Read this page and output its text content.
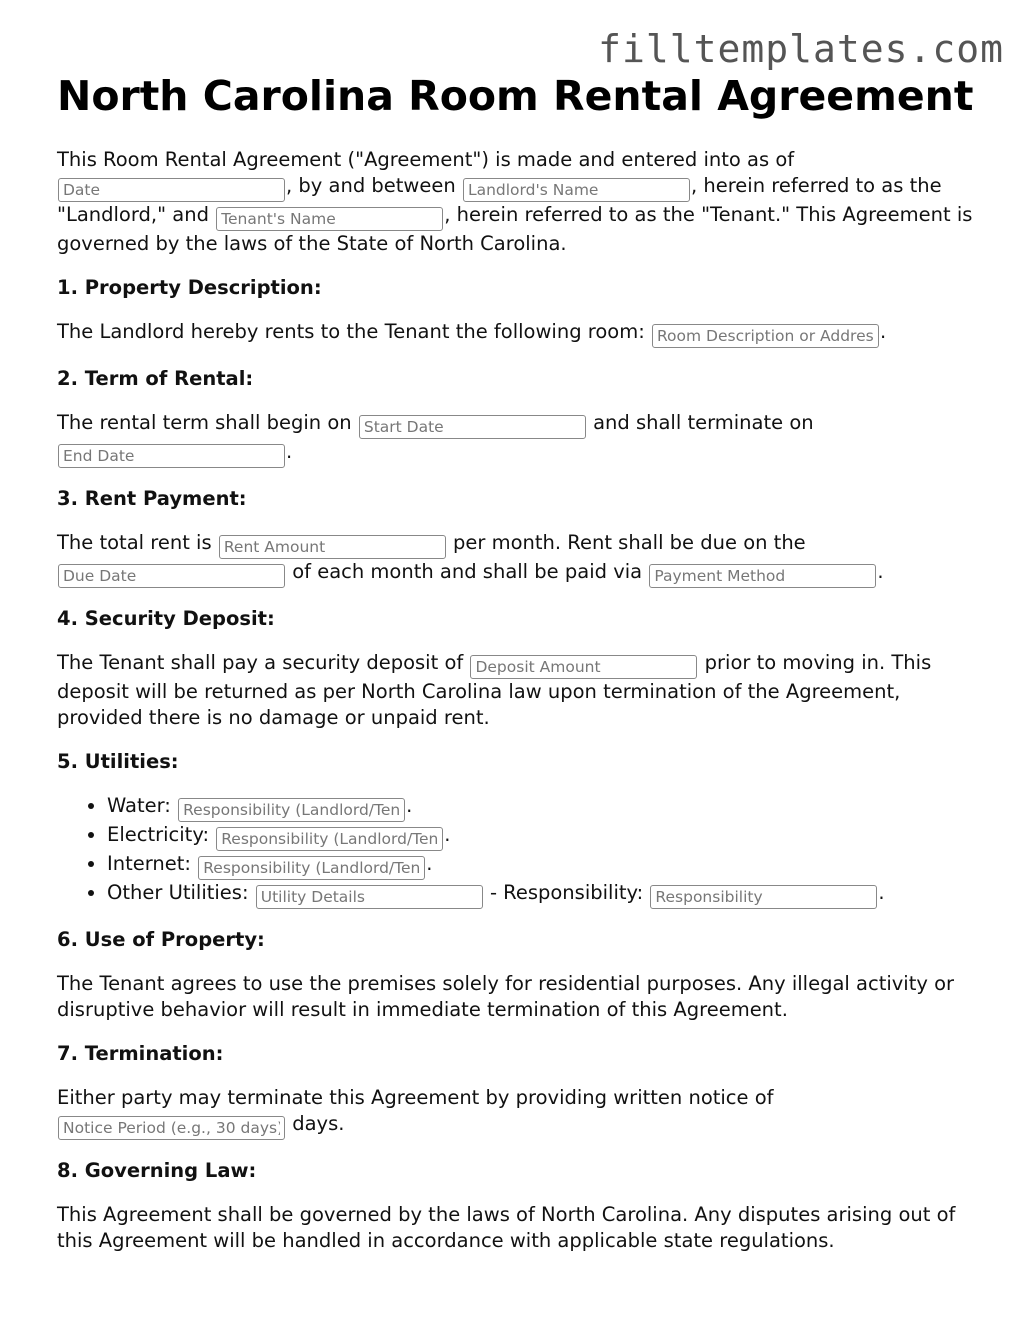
filltemplates.com
North Carolina Room Rental Agreement

This Room Rental Agreement ("Agreement") is made and entered into as of
Date, by and between Landlord's Name	, herein referred to as the "Landlord," and Tenant's Name	, herein referred to as the "Tenant." This Agreement is governed by the laws of the State of North Carolina.

1. Property Description:

The Landlord hereby rents to the Tenant the following room: Room Description or Address	.

2. Term of Rental:

The rental term shall begin on Start Date	and shall terminate on
End Date.

3. Rent Payment:

The total rent is Rent Amount	per month. Rent shall be due on the
Due Date of each month and shall be paid via Payment Method	.

4. Security Deposit:

The Tenant shall pay a security deposit of Deposit Amount	prior to moving in. This deposit will be returned as per North Carolina law upon termination of the Agreement, provided there is no damage or unpaid rent.

5. Utilities:
• Water: Responsibility (Landlord/Tenant)	.
• Electricity: Responsibility (Landlord/Tenant)	.
• Internet: Responsibility (Landlord/Tenant)	.
• Other Utilities: Utility Details	- Responsibility: Responsibility	.
6. Use of Property:

The Tenant agrees to use the premises solely for residential purposes. Any illegal activity or disruptive behavior will result in immediate termination of this Agreement.

7. Termination:

Either party may terminate this Agreement by providing written notice of
Notice Period (e.g., 30 days) days.

8. Governing Law:

This Agreement shall be governed by the laws of North Carolina. Any disputes arising out of this Agreement will be handled in accordance with applicable state regulations.
